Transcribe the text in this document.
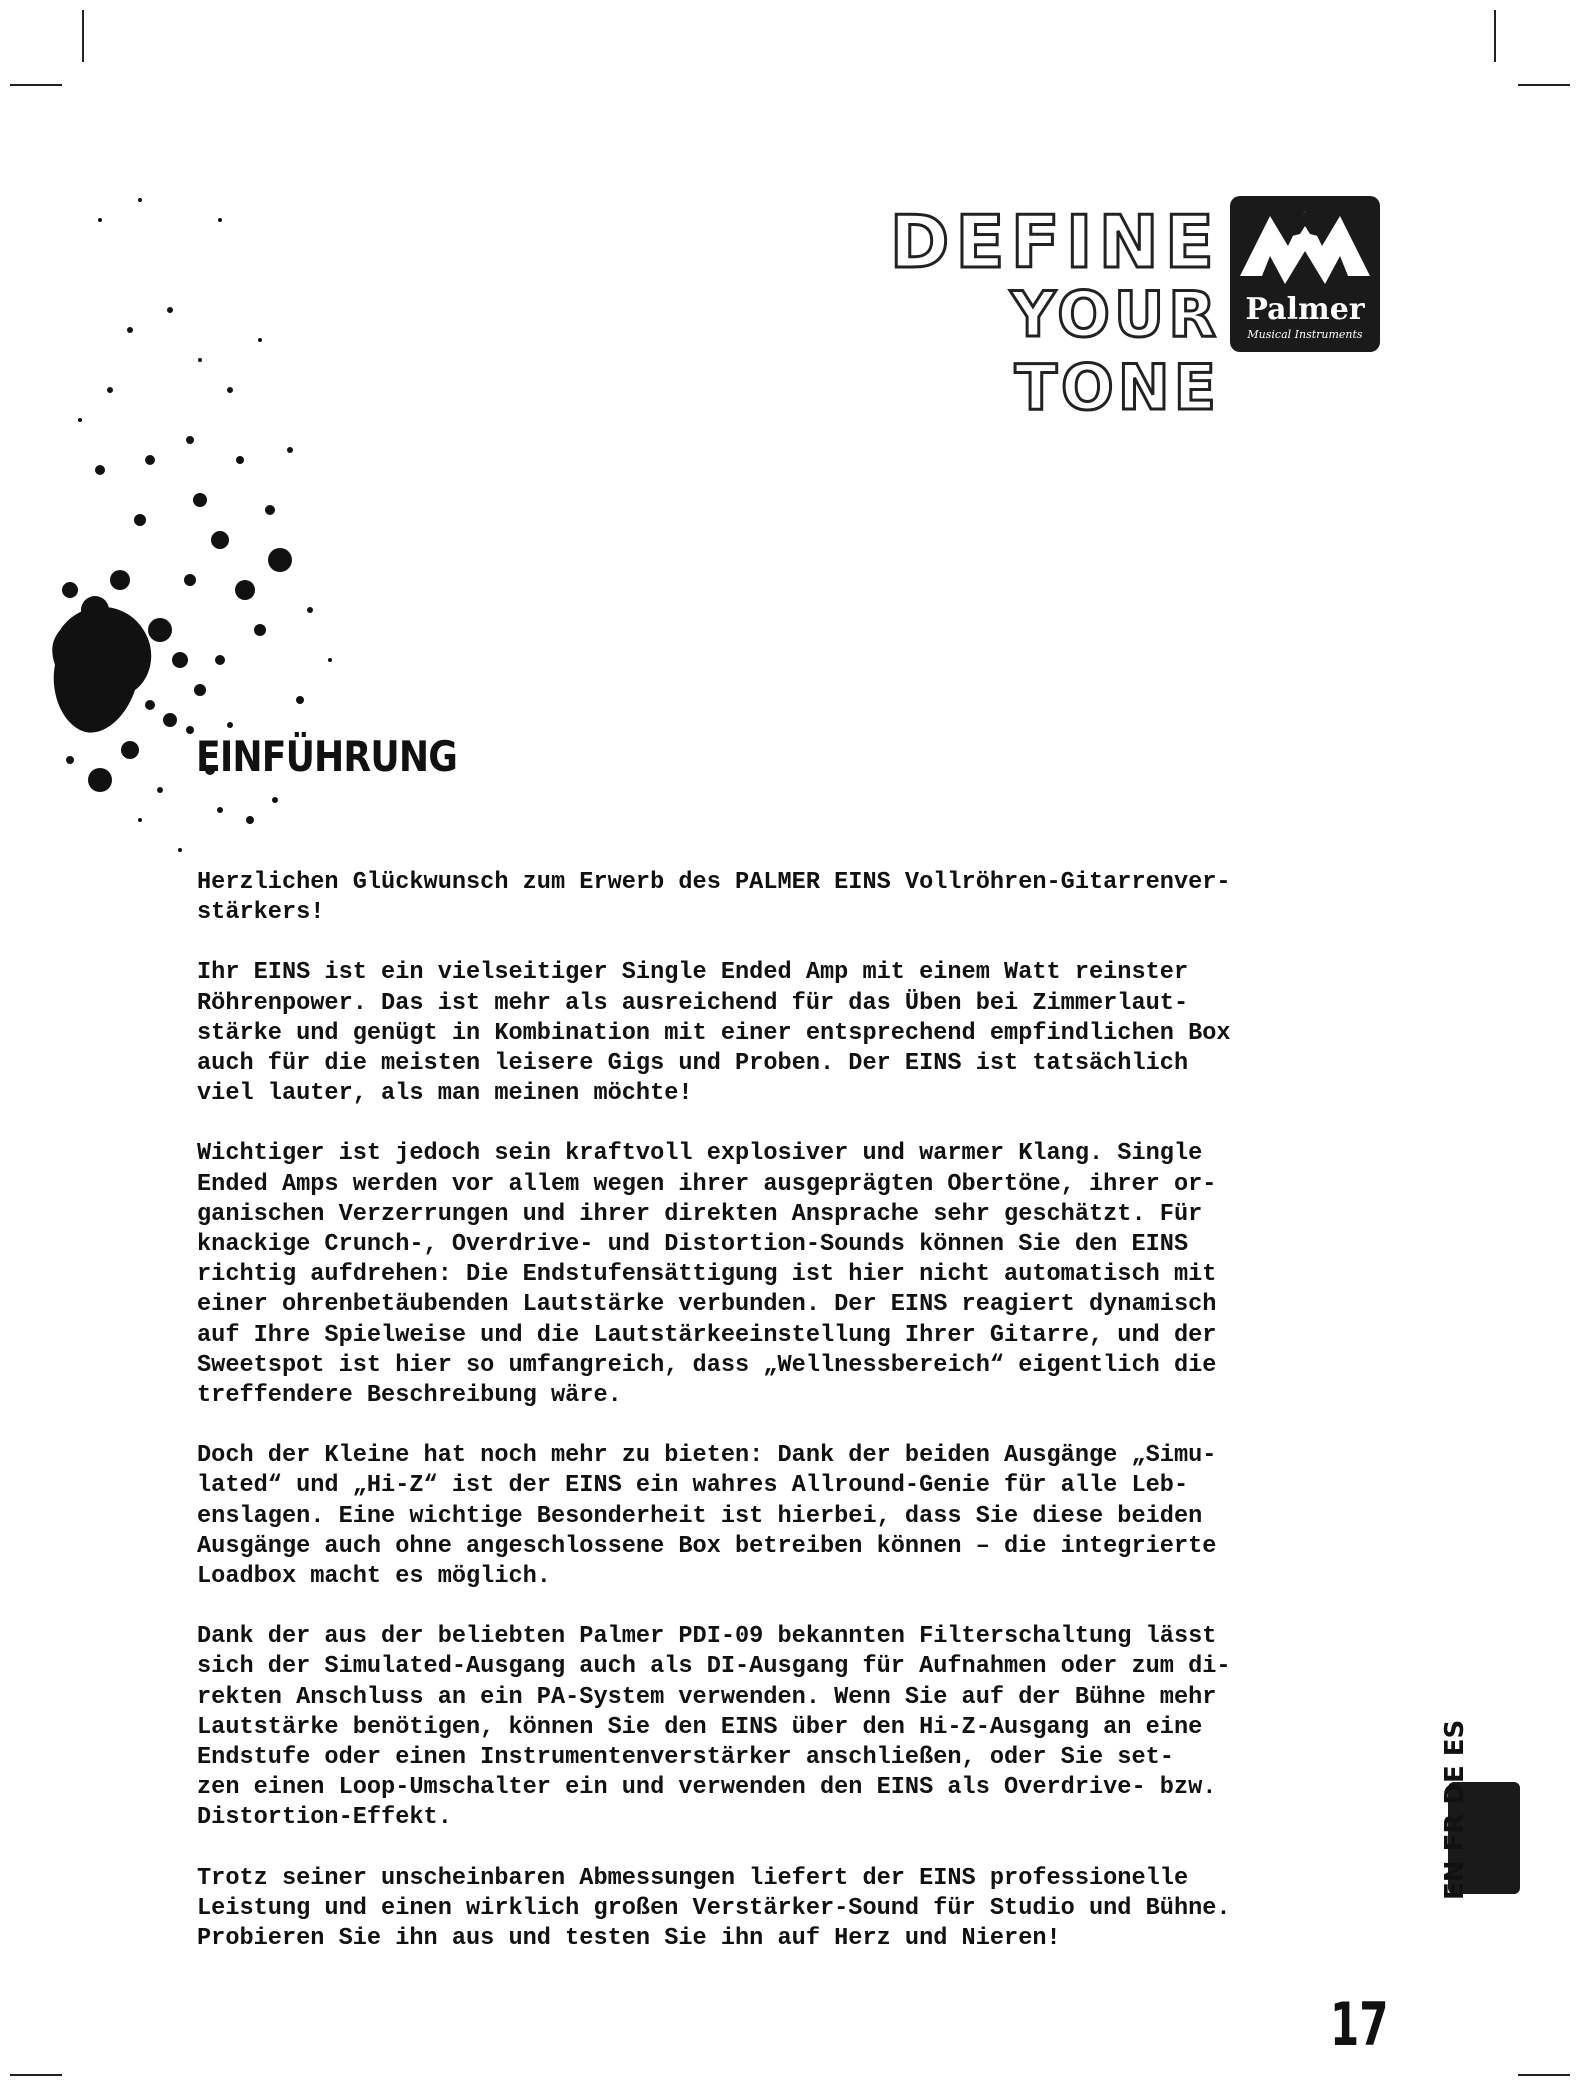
DEFINE
YOUR TONE
Palmer
Musical Instruments
EINFÜHRUNG

Herzlichen Glückwunsch zum Erwerb des PALMER EINS Vollröhren-Gitarrenver-
stärkers!

Ihr EINS ist ein vielseitiger Single Ended Amp mit einem Watt reinster
Röhrenpower. Das ist mehr als ausreichend für das Üben bei Zimmerlaut-
stärke und genügt in Kombination mit einer entsprechend empfindlichen Box
auch für die meisten leisere Gigs und Proben. Der EINS ist tatsächlich
viel lauter, als man meinen möchte!

Wichtiger ist jedoch sein kraftvoll explosiver und warmer Klang. Single
Ended Amps werden vor allem wegen ihrer ausgeprägten Obertöne, ihrer or-
ganischen Verzerrungen und ihrer direkten Ansprache sehr geschätzt. Für
knackige Crunch-, Overdrive- und Distortion-Sounds können Sie den EINS
richtig aufdrehen: Die Endstufensättigung ist hier nicht automatisch mit
einer ohrenbetäubenden Lautstärke verbunden. Der EINS reagiert dynamisch
auf Ihre Spielweise und die Lautstärkeeinstellung Ihrer Gitarre, und der
Sweetspot ist hier so umfangreich, dass „Wellnessbereich“ eigentlich die
treffendere Beschreibung wäre.

Doch der Kleine hat noch mehr zu bieten: Dank der beiden Ausgänge „Simu-
lated“ und „Hi-Z“ ist der EINS ein wahres Allround-Genie für alle Leb-
enslagen. Eine wichtige Besonderheit ist hierbei, dass Sie diese beiden
Ausgänge auch ohne angeschlossene Box betreiben können – die integrierte
Loadbox macht es möglich.

Dank der aus der beliebten Palmer PDI-09 bekannten Filterschaltung lässt
sich der Simulated-Ausgang auch als DI-Ausgang für Aufnahmen oder zum di-
rekten Anschluss an ein PA-System verwenden. Wenn Sie auf der Bühne mehr
Lautstärke benötigen, können Sie den EINS über den Hi-Z-Ausgang an eine
Endstufe oder einen Instrumentenverstärker anschließen, oder Sie set-
zen einen Loop-Umschalter ein und verwenden den EINS als Overdrive- bzw.
Distortion-Effekt.

Trotz seiner unscheinbaren Abmessungen liefert der EINS professionelle
Leistung und einen wirklich großen Verstärker-Sound für Studio und Bühne.
Probieren Sie ihn aus und testen Sie ihn auf Herz und Nieren!

EN FR DE ES
17
